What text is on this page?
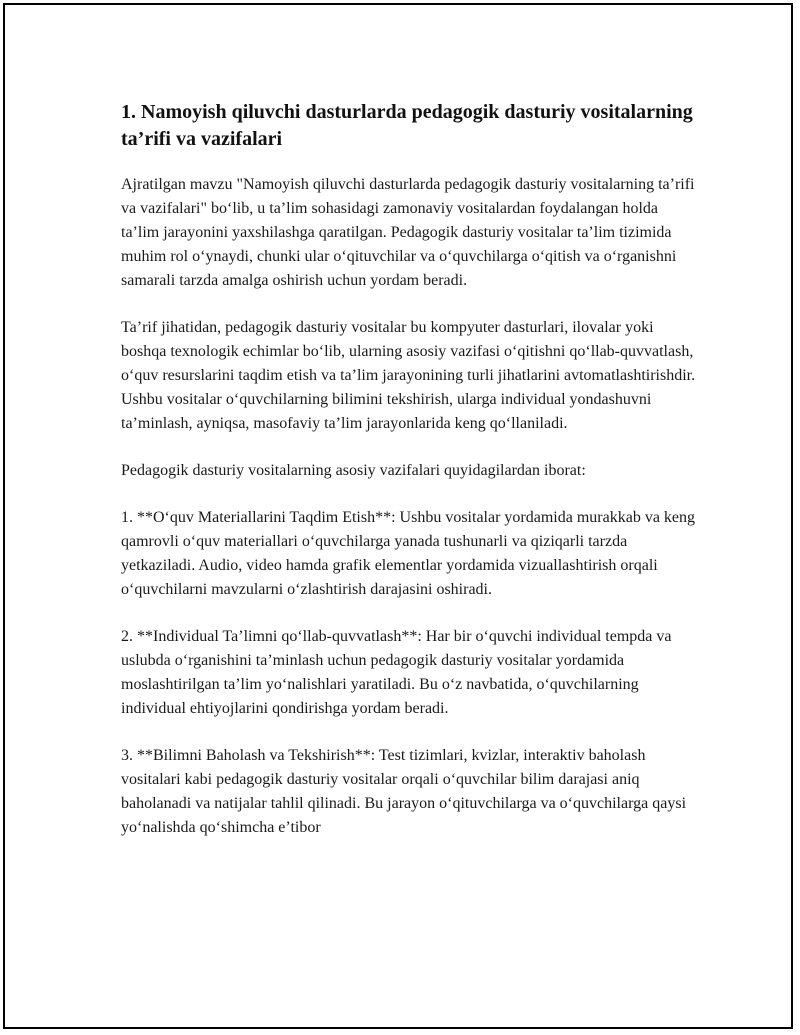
1. Namoyish qiluvchi dasturlarda pedagogik dasturiy vositalarning ta’rifi va vazifalari

Ajratilgan mavzu "Namoyish qiluvchi dasturlarda pedagogik dasturiy vositalarning ta’rifi va vazifalari" bo‘lib, u ta’lim sohasidagi zamonaviy vositalardan foydalangan holda ta’lim jarayonini yaxshilashga qaratilgan. Pedagogik dasturiy vositalar ta’lim tizimida muhim rol o‘ynaydi, chunki ular o‘qituvchilar va o‘quvchilarga o‘qitish va o‘rganishni samarali tarzda amalga oshirish uchun yordam beradi.

Ta’rif jihatidan, pedagogik dasturiy vositalar bu kompyuter dasturlari, ilovalar yoki boshqa texnologik echimlar bo‘lib, ularning asosiy vazifasi o‘qitishni qo‘llab-quvvatlash, o‘quv resurslarini taqdim etish va ta’lim jarayonining turli jihatlarini avtomatlashtirishdir. Ushbu vositalar o‘quvchilarning bilimini tekshirish, ularga individual yondashuvni ta’minlash, ayniqsa, masofaviy ta’lim jarayonlarida keng qo‘llaniladi.

Pedagogik dasturiy vositalarning asosiy vazifalari quyidagilardan iborat:

1. **O‘quv Materiallarini Taqdim Etish**: Ushbu vositalar yordamida murakkab va keng qamrovli o‘quv materiallari o‘quvchilarga yanada tushunarli va qiziqarli tarzda yetkaziladi. Audio, video hamda grafik elementlar yordamida vizuallashtirish orqali o‘quvchilarni mavzularni o‘zlashtirish darajasini oshiradi.

2. **Individual Ta’limni qo‘llab-quvvatlash**: Har bir o‘quvchi individual tempda va uslubda o‘rganishini ta’minlash uchun pedagogik dasturiy vositalar yordamida moslashtirilgan ta’lim yo‘nalishlari yaratiladi. Bu o‘z navbatida, o‘quvchilarning individual ehtiyojlarini qondirishga yordam beradi.

3. **Bilimni Baholash va Tekshirish**: Test tizimlari, kvizlar, interaktiv baholash vositalari kabi pedagogik dasturiy vositalar orqali o‘quvchilar bilim darajasi aniq baholanadi va natijalar tahlil qilinadi. Bu jarayon o‘qituvchilarga va o‘quvchilarga qaysi yo‘nalishda qo‘shimcha e’tibor
